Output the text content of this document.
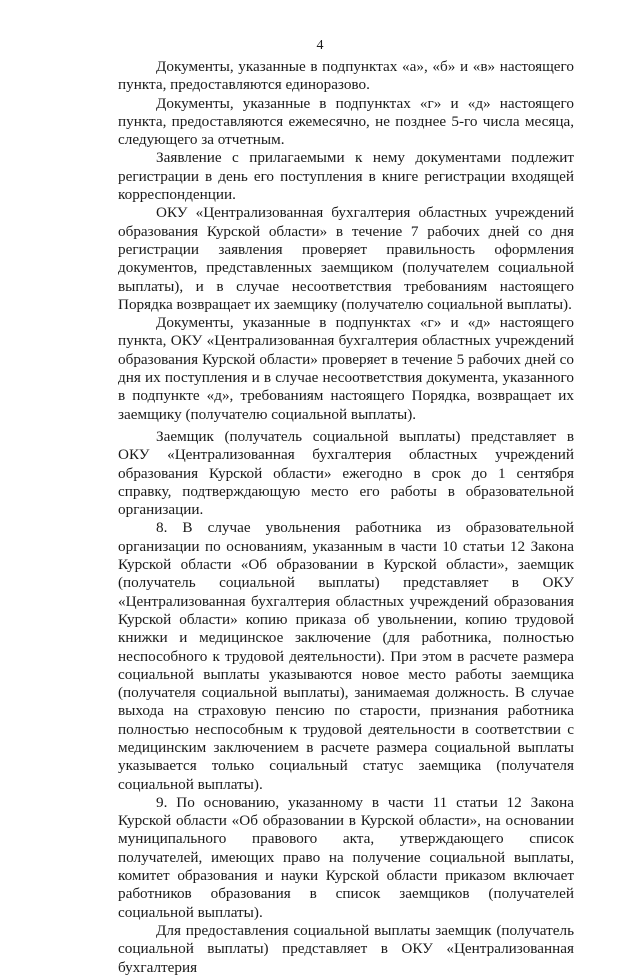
4

Документы, указанные в подпунктах «а», «б» и «в» настоящего пункта, предоставляются единоразово.

Документы, указанные в подпунктах «г» и «д» настоящего пункта, предоставляются ежемесячно, не позднее 5-го числа месяца, следующего за отчетным.

Заявление с прилагаемыми к нему документами подлежит регистрации в день его поступления в книге регистрации входящей корреспонденции.

ОКУ «Централизованная бухгалтерия областных учреждений образования Курской области» в течение 7 рабочих дней со дня регистрации заявления проверяет правильность оформления документов, представленных заемщиком (получателем социальной выплаты), и в случае несоответствия требованиям настоящего Порядка возвращает их заемщику (получателю социальной выплаты).

Документы, указанные в подпунктах «г» и «д» настоящего пункта, ОКУ «Централизованная бухгалтерия областных учреждений образования Курской области» проверяет в течение 5 рабочих дней со дня их поступления и в случае несоответствия документа, указанного в подпункте «д», требованиям настоящего Порядка, возвращает их заемщику (получателю социальной выплаты).

Заемщик (получатель социальной выплаты) представляет в ОКУ «Централизованная бухгалтерия областных учреждений образования Курской области» ежегодно в срок до 1 сентября справку, подтверждающую место его работы в образовательной организации.

8. В случае увольнения работника из образовательной организации по основаниям, указанным в части 10 статьи 12 Закона Курской области «Об образовании в Курской области», заемщик (получатель социальной выплаты) представляет в ОКУ «Централизованная бухгалтерия областных учреждений образования Курской области» копию приказа об увольнении, копию трудовой книжки и медицинское заключение (для работника, полностью неспособного к трудовой деятельности). При этом в расчете размера социальной выплаты указываются новое место работы заемщика (получателя социальной выплаты), занимаемая должность. В случае выхода на страховую пенсию по старости, признания работника полностью неспособным к трудовой деятельности в соответствии с медицинским заключением в расчете размера социальной выплаты указывается только социальный статус заемщика (получателя социальной выплаты).

9. По основанию, указанному в части 11 статьи 12 Закона Курской области «Об образовании в Курской области», на основании муниципального правового акта, утверждающего список получателей, имеющих право на получение социальной выплаты, комитет образования и науки Курской области приказом включает работников образования в список заемщиков (получателей социальной выплаты).

Для предоставления социальной выплаты заемщик (получатель социальной выплаты) представляет в ОКУ «Централизованная бухгалтерия
